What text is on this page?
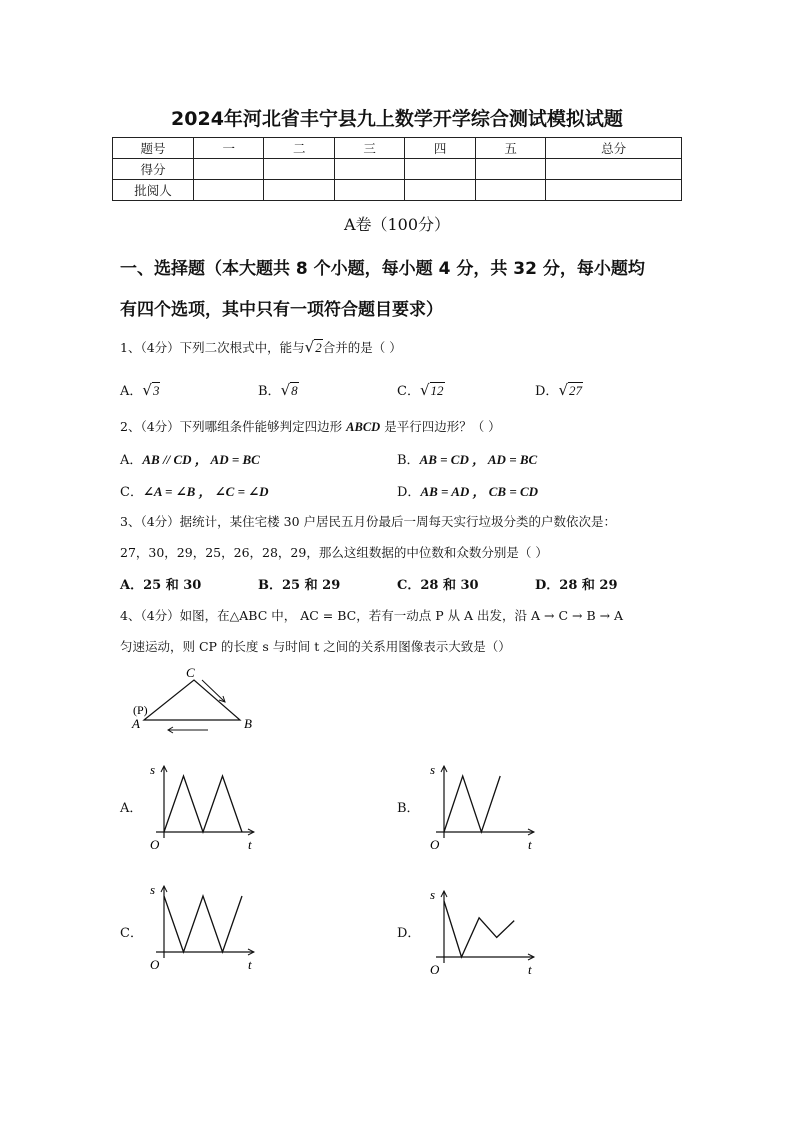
2024年河北省丰宁县九上数学开学综合测试模拟试题
题号	一	二	三	四	五	总分
得分						
批阅人						
A卷（100分）
一、选择题（本大题共 8 个小题，每小题 4 分，共 32 分，每小题均
有四个选项，其中只有一项符合题目要求）
1、（4分）下列二次根式中，能与√2合并的是（ ）
A．√3	B．√8	C．√12	D．√27
2、（4分）下列哪组条件能够判定四边形 ABCD 是平行四边形？（ ）
A．AB // CD ， AD = BC	B．AB = CD ， AD = BC
C．∠A = ∠B ， ∠C = ∠D	D．AB = AD ， CB = CD
3、（4分）据统计，某住宅楼 30 户居民五月份最后一周每天实行垃圾分类的户数依次是：
27，30，29，25，26，28，29，那么这组数据的中位数和众数分别是（ ）
A．25 和 30	B．25 和 29	C．28 和 30	D．28 和 29
4、（4分）如图，在△ABC 中， AC = BC，若有一动点 P 从 A 出发，沿 A → C → B → A
匀速运动，则 CP 的长度 s 与时间 t 之间的关系用图像表示大致是（）
C
A	B
(P)
A．	B．
C．	D．
s
t
O
s
t
O
s
t
O
s
t
O
